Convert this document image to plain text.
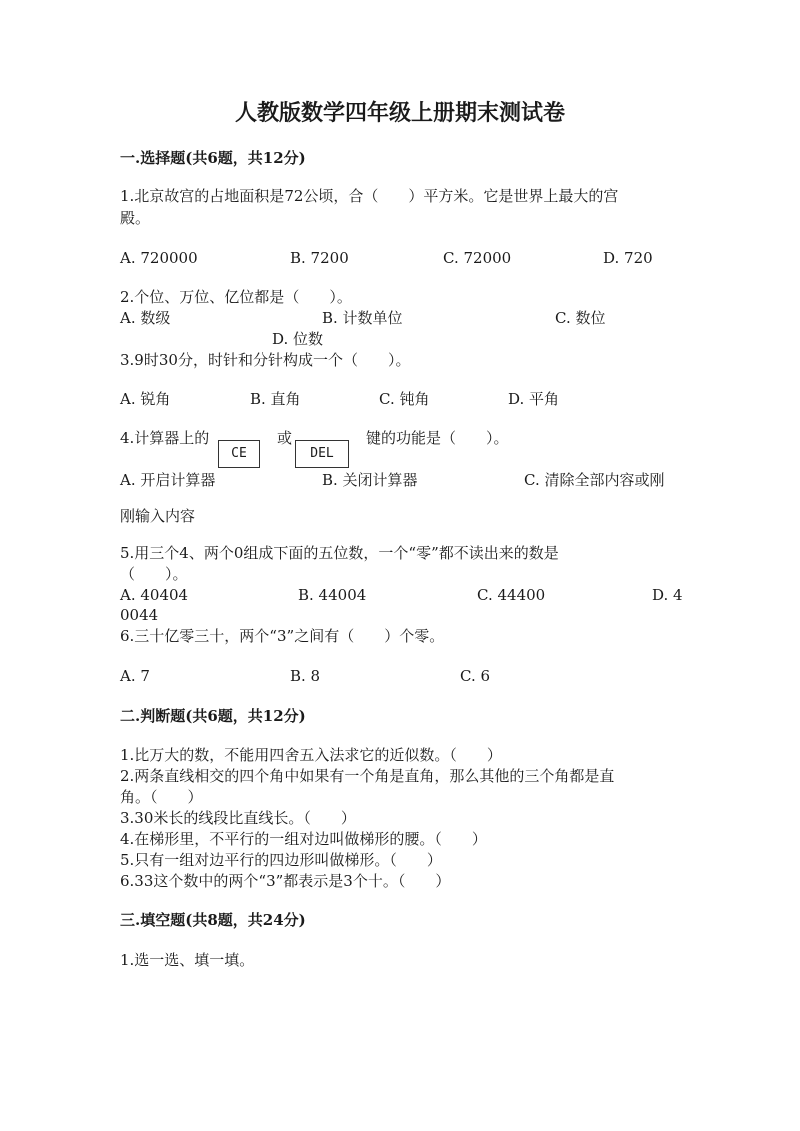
人教版数学四年级上册期末测试卷
一.选择题(共6题，共12分)
1.北京故宫的占地面积是72公顷，合（　　）平方米。它是世界上最大的宫
殿。
A. 720000	B. 7200	C. 72000	D. 720
2.个位、万位、亿位都是（　　）。
A. 数级	B. 计数单位	C. 数位
D. 位数
3.9时30分，时针和分针构成一个（　　）。
A. 锐角	B. 直角	C. 钝角	D. 平角
4.计算器上的
CE
或
DEL
键的功能是（　　）。
A. 开启计算器	B. 关闭计算器	C. 清除全部内容或刚
刚输入内容
5.用三个4、两个0组成下面的五位数，一个“零”都不读出来的数是
（　　）。
A. 40404	B. 44004	C. 44400	D. 4
0044
6.三十亿零三十，两个“3”之间有（　　）个零。
A. 7	B. 8	C. 6
二.判断题(共6题，共12分)
1.比万大的数，不能用四舍五入法求它的近似数。（　　）
2.两条直线相交的四个角中如果有一个角是直角，那么其他的三个角都是直
角。（　　）
3.30米长的线段比直线长。（　　）
4.在梯形里，不平行的一组对边叫做梯形的腰。（　　）
5.只有一组对边平行的四边形叫做梯形。（　　）
6.33这个数中的两个“3”都表示是3个十。（　　）
三.填空题(共8题，共24分)
1.选一选、填一填。
